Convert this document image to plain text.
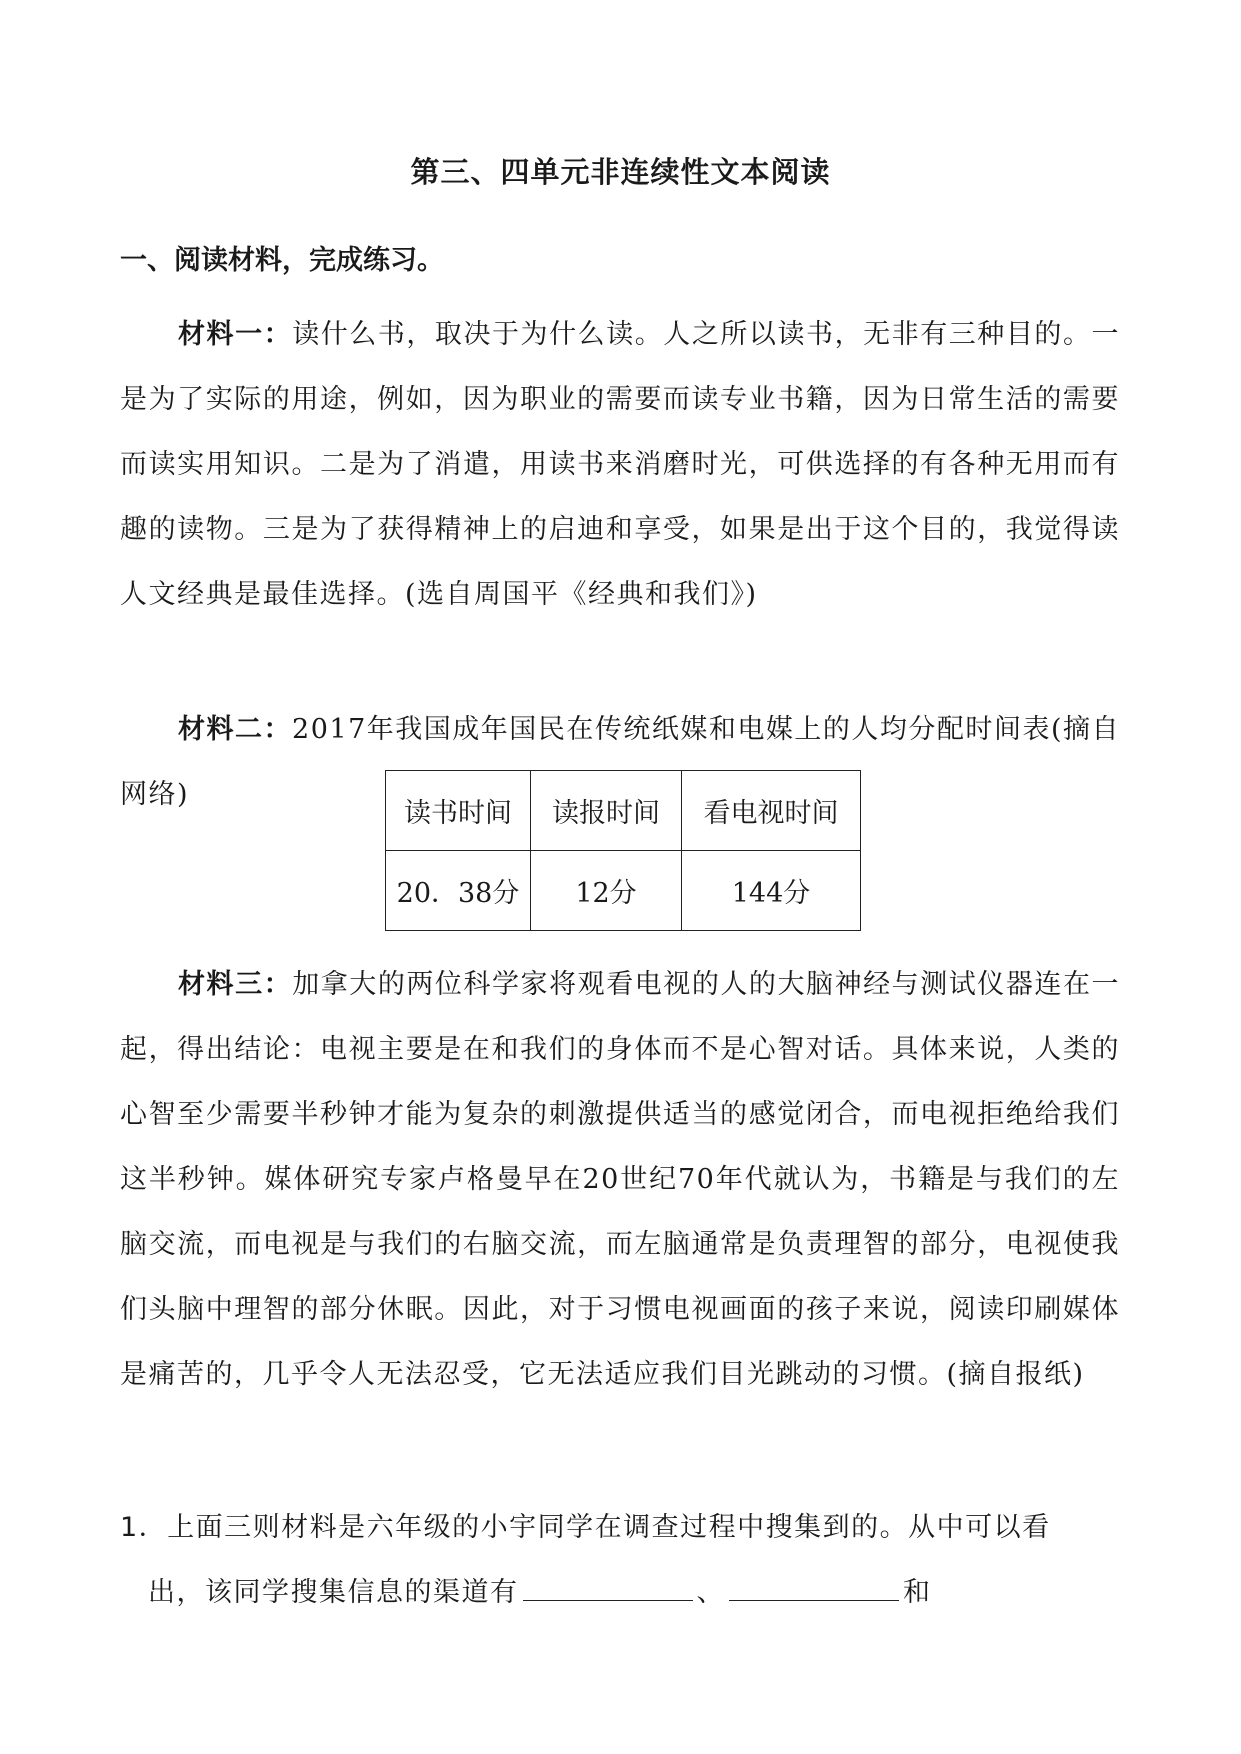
第三、四单元非连续性文本阅读
一、阅读材料，完成练习。
材料一：读什么书，取决于为什么读。人之所以读书，无非有三种目的。一是为了实际的用途，例如，因为职业的需要而读专业书籍，因为日常生活的需要而读实用知识。二是为了消遣，用读书来消磨时光，可供选择的有各种无用而有趣的读物。三是为了获得精神上的启迪和享受，如果是出于这个目的，我觉得读人文经典是最佳选择。(选自周国平《经典和我们》)
材料二：2017年我国成年国民在传统纸媒和电媒上的人均分配时间表(摘自网络)
读书时间	读报时间	看电视时间
20．38分	12分	144分
材料三：加拿大的两位科学家将观看电视的人的大脑神经与测试仪器连在一起，得出结论：电视主要是在和我们的身体而不是心智对话。具体来说，人类的心智至少需要半秒钟才能为复杂的刺激提供适当的感觉闭合，而电视拒绝给我们这半秒钟。媒体研究专家卢格曼早在20世纪70年代就认为，书籍是与我们的左脑交流，而电视是与我们的右脑交流，而左脑通常是负责理智的部分，电视使我们头脑中理智的部分休眠。因此，对于习惯电视画面的孩子来说，阅读印刷媒体是痛苦的，几乎令人无法忍受，它无法适应我们目光跳动的习惯。(摘自报纸)
1．上面三则材料是六年级的小宇同学在调查过程中搜集到的。从中可以看
出，该同学搜集信息的渠道有	、	和
